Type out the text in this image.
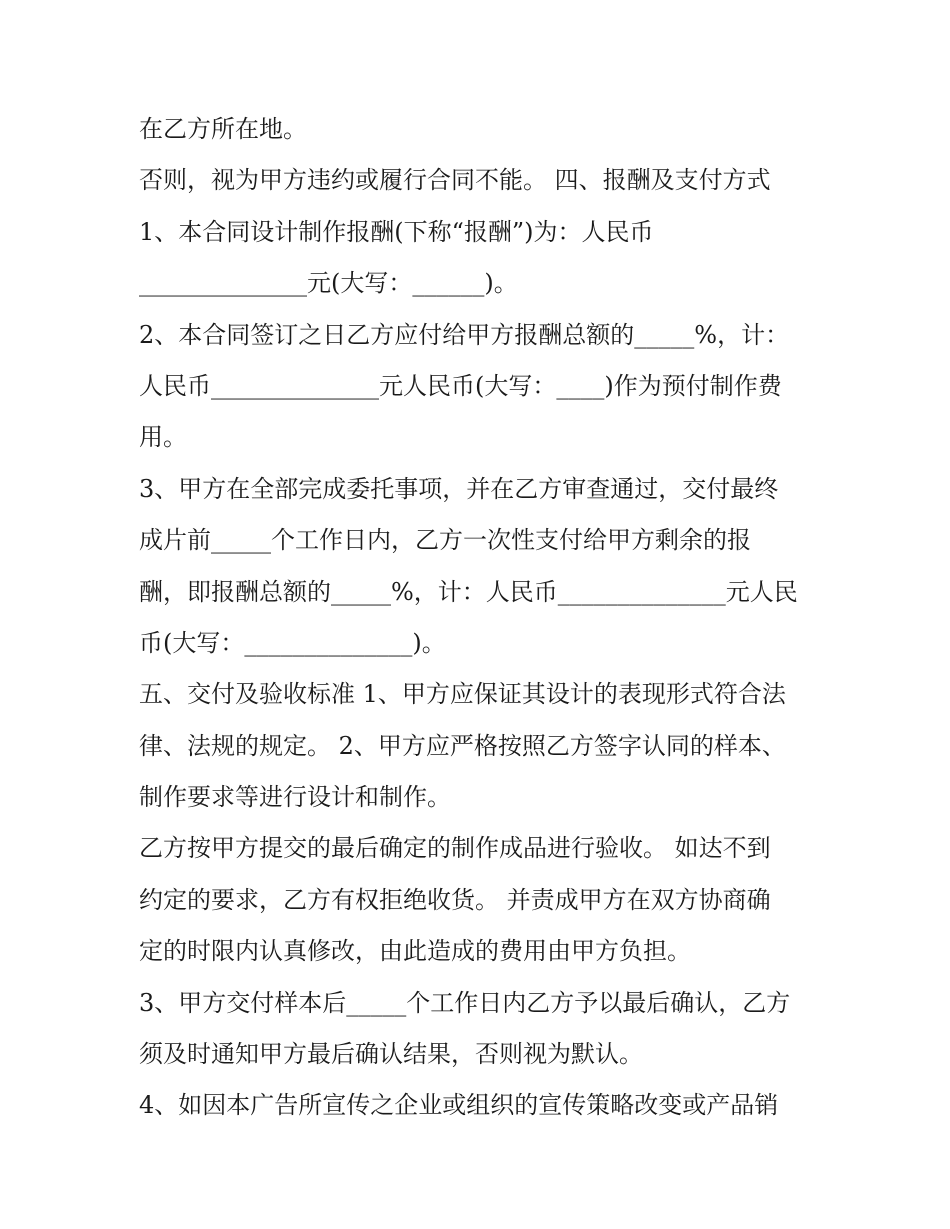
在乙方所在地。
否则，视为甲方违约或履行合同不能。 四、报酬及支付方式
1、本合同设计制作报酬(下称“报酬”)为：人民币
______________元(大写：______)。
2、本合同签订之日乙方应付给甲方报酬总额的_____%，计：
人民币______________元人民币(大写：____)作为预付制作费
用。
3、甲方在全部完成委托事项，并在乙方审查通过，交付最终
成片前_____个工作日内，乙方一次性支付给甲方剩余的报
酬，即报酬总额的_____%，计：人民币______________元人民
币(大写：______________)。
五、交付及验收标准 1、甲方应保证其设计的表现形式符合法
律、法规的规定。 2、甲方应严格按照乙方签字认同的样本、
制作要求等进行设计和制作。
乙方按甲方提交的最后确定的制作成品进行验收。 如达不到
约定的要求，乙方有权拒绝收货。 并责成甲方在双方协商确
定的时限内认真修改，由此造成的费用由甲方负担。
3、甲方交付样本后_____个工作日内乙方予以最后确认，乙方
须及时通知甲方最后确认结果，否则视为默认。
4、如因本广告所宣传之企业或组织的宣传策略改变或产品销
